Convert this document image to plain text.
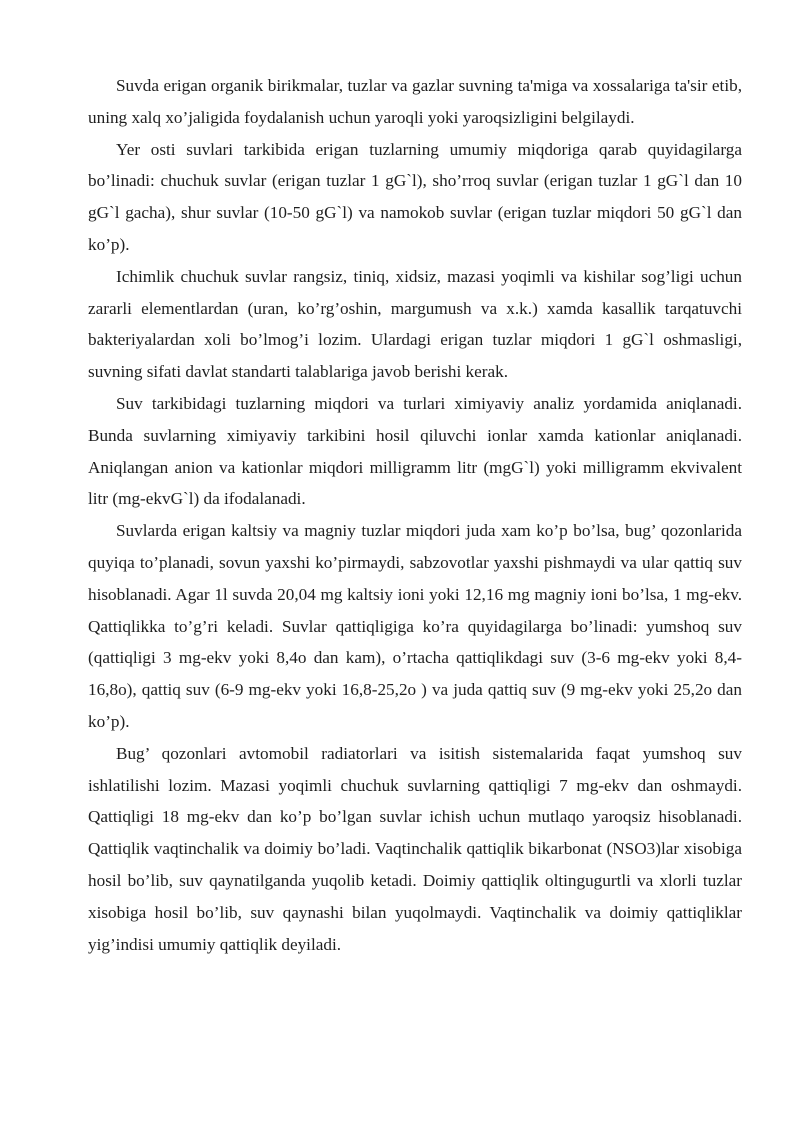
Suvda erigan organik birikmalar, tuzlar va gazlar suvning ta'miga va xossalariga ta'sir etib, uning xalq xo’jaligida foydalanish uchun yaroqli yoki yaroqsizligini belgilaydi.

Yer osti suvlari tarkibida erigan tuzlarning umumiy miqdoriga qarab quyidagilarga bo’linadi: chuchuk suvlar (erigan tuzlar 1 gG`l), sho’rroq suvlar (erigan tuzlar 1 gG`l dan 10 gG`l gacha), shur suvlar (10-50 gG`l) va namokob suvlar (erigan tuzlar miqdori 50 gG`l dan ko’p).

Ichimlik chuchuk suvlar rangsiz, tiniq, xidsiz, mazasi yoqimli va kishilar sog’ligi uchun zararli elementlardan (uran, ko’rg’oshin, margumush va x.k.) xamda kasallik tarqatuvchi bakteriyalardan xoli bo’lmog’i lozim. Ulardagi erigan tuzlar miqdori 1 gG`l oshmasligi, suvning sifati davlat standarti talablariga javob berishi kerak.

Suv tarkibidagi tuzlarning miqdori va turlari ximiyaviy analiz yordamida aniqlanadi. Bunda suvlarning ximiyaviy tarkibini hosil qiluvchi ionlar xamda kationlar aniqlanadi. Aniqlangan anion va kationlar miqdori milligramm litr (mgG`l) yoki milligramm ekvivalent litr (mg-ekvG`l) da ifodalanadi.

Suvlarda erigan kaltsiy va magniy tuzlar miqdori juda xam ko’p bo’lsa, bug’ qozonlarida quyiqa to’planadi, sovun yaxshi ko’pirmaydi, sabzovotlar yaxshi pishmaydi va ular qattiq suv hisoblanadi. Agar 1l suvda 20,04 mg kaltsiy ioni yoki 12,16 mg magniy ioni bo’lsa, 1 mg-ekv. Qattiqlikka to’g’ri keladi. Suvlar qattiqligiga ko’ra quyidagilarga bo’linadi: yumshoq suv (qattiqligi 3 mg-ekv yoki 8,4o dan kam), o’rtacha qattiqlikdagi suv (3-6 mg-ekv yoki 8,4-16,8o), qattiq suv (6-9 mg-ekv yoki 16,8-25,2o ) va juda qattiq suv (9 mg-ekv yoki 25,2o dan ko’p).

Bug’ qozonlari avtomobil radiatorlari va isitish sistemalarida faqat yumshoq suv ishlatilishi lozim. Mazasi yoqimli chuchuk suvlarning qattiqligi 7 mg-ekv dan oshmaydi. Qattiqligi 18 mg-ekv dan ko’p bo’lgan suvlar ichish uchun mutlaqo yaroqsiz hisoblanadi. Qattiqlik vaqtinchalik va doimiy bo’ladi. Vaqtinchalik qattiqlik bikarbonat (NSO3)lar xisobiga hosil bo’lib, suv qaynatilganda yuqolib ketadi. Doimiy qattiqlik oltingugurtli va xlorli tuzlar xisobiga hosil bo’lib, suv qaynashi bilan yuqolmaydi. Vaqtinchalik va doimiy qattiqliklar yig’indisi umumiy qattiqlik deyiladi.
